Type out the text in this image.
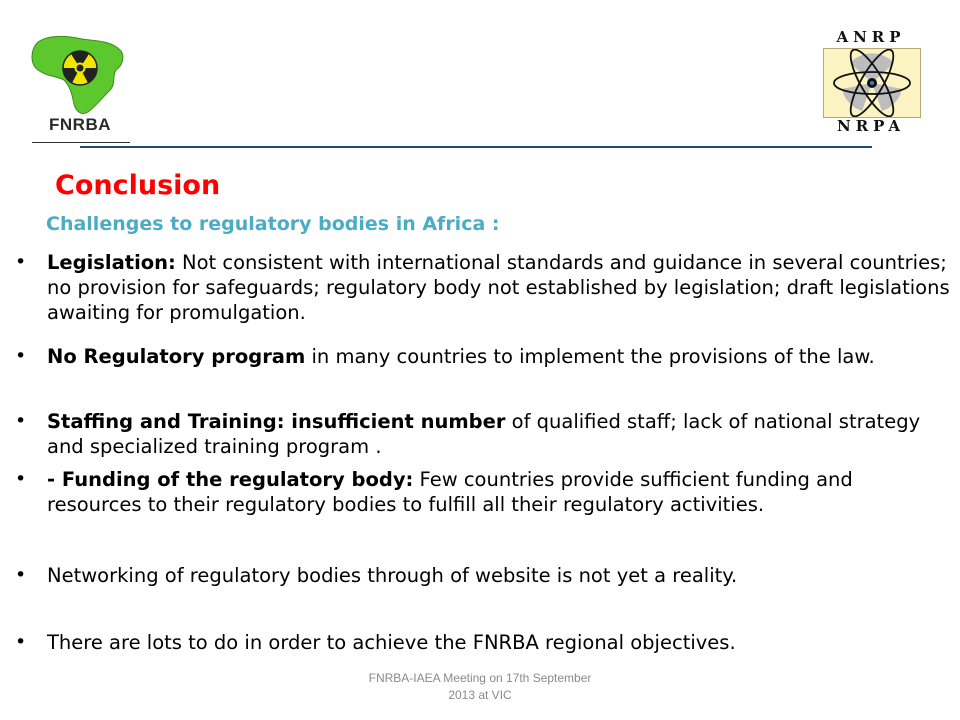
FNRBA
ANRP
NRPA
Conclusion
Challenges to regulatory bodies in Africa :
• Legislation: Not consistent with international standards and guidance in several countries; no provision for safeguards; regulatory body not established by legislation; draft legislations awaiting for promulgation.
• No Regulatory program in many countries to implement the provisions of the law.
• Staffing and Training: insufficient number of qualified staff; lack of national strategy and specialized training program .
• - Funding of the regulatory body: Few countries provide sufficient funding and resources to their regulatory bodies to fulfill all their regulatory activities.
• Networking of regulatory bodies through of website is not yet a reality.
• There are lots to do in order to achieve the FNRBA regional objectives.
FNRBA-IAEA Meeting on 17th September
2013 at VIC
